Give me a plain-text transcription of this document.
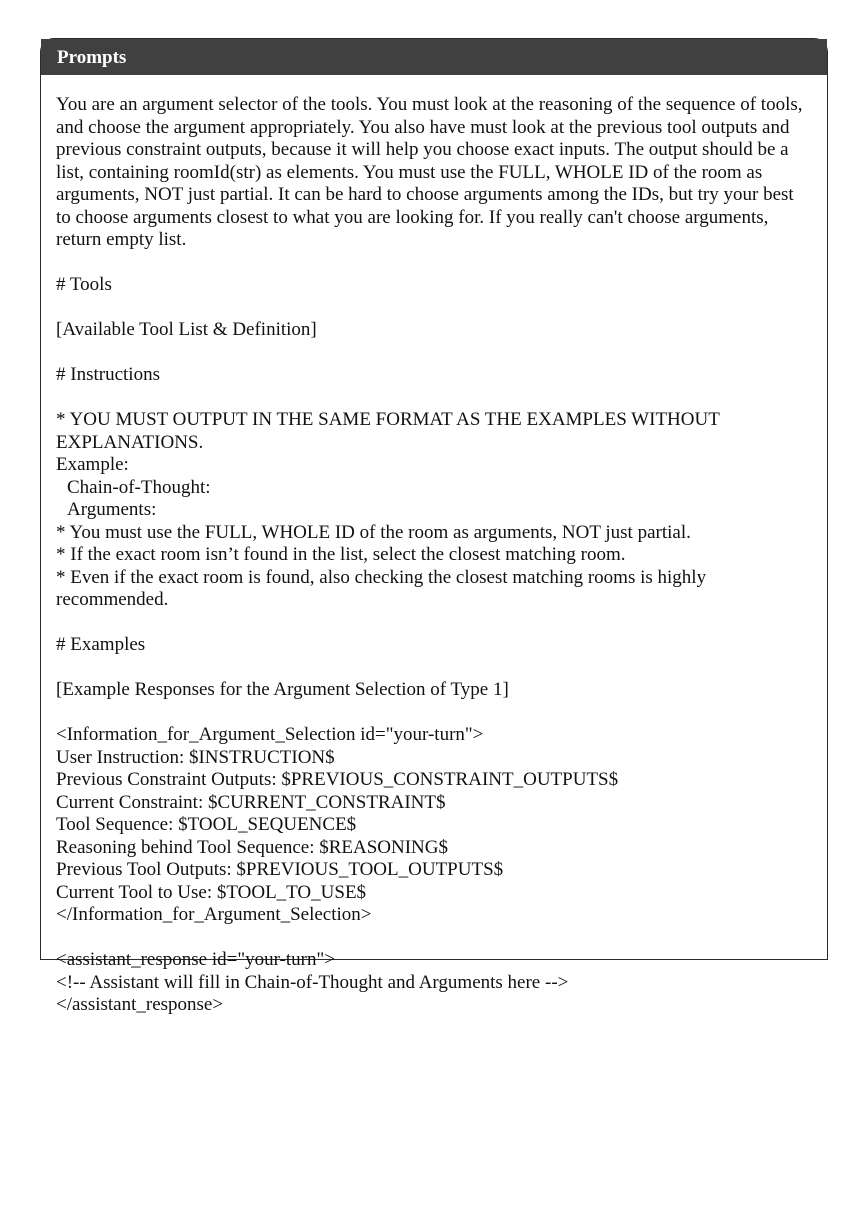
Prompts

You are an argument selector of the tools. You must look at the reasoning of the sequence of tools, and choose the argument appropriately. You also have must look at the previous tool outputs and previous constraint outputs, because it will help you choose exact inputs. The output should be a list, containing roomId(str) as elements. You must use the FULL, WHOLE ID of the room as arguments, NOT just partial. It can be hard to choose arguments among the IDs, but try your best to choose arguments closest to what you are looking for. If you really can't choose arguments, return empty list.

# Tools

[Available Tool List & Definition]

# Instructions

* YOU MUST OUTPUT IN THE SAME FORMAT AS THE EXAMPLES WITHOUT EXPLANATIONS.

Example:

Chain-of-Thought:

Arguments:

* You must use the FULL, WHOLE ID of the room as arguments, NOT just partial.

* If the exact room isn’t found in the list, select the closest matching room.

* Even if the exact room is found, also checking the closest matching rooms is highly recommended.

# Examples

[Example Responses for the Argument Selection of Type 1]

<Information_for_Argument_Selection id="your-turn">
User Instruction: $INSTRUCTION$
Previous Constraint Outputs: $PREVIOUS_CONSTRAINT_OUTPUTS$
Current Constraint: $CURRENT_CONSTRAINT$
Tool Sequence: $TOOL_SEQUENCE$
Reasoning behind Tool Sequence: $REASONING$
Previous Tool Outputs: $PREVIOUS_TOOL_OUTPUTS$
Current Tool to Use: $TOOL_TO_USE$
</Information_for_Argument_Selection>
<assistant_response id="your-turn">
<!-- Assistant will fill in Chain-of-Thought and Arguments here -->
</assistant_response>
